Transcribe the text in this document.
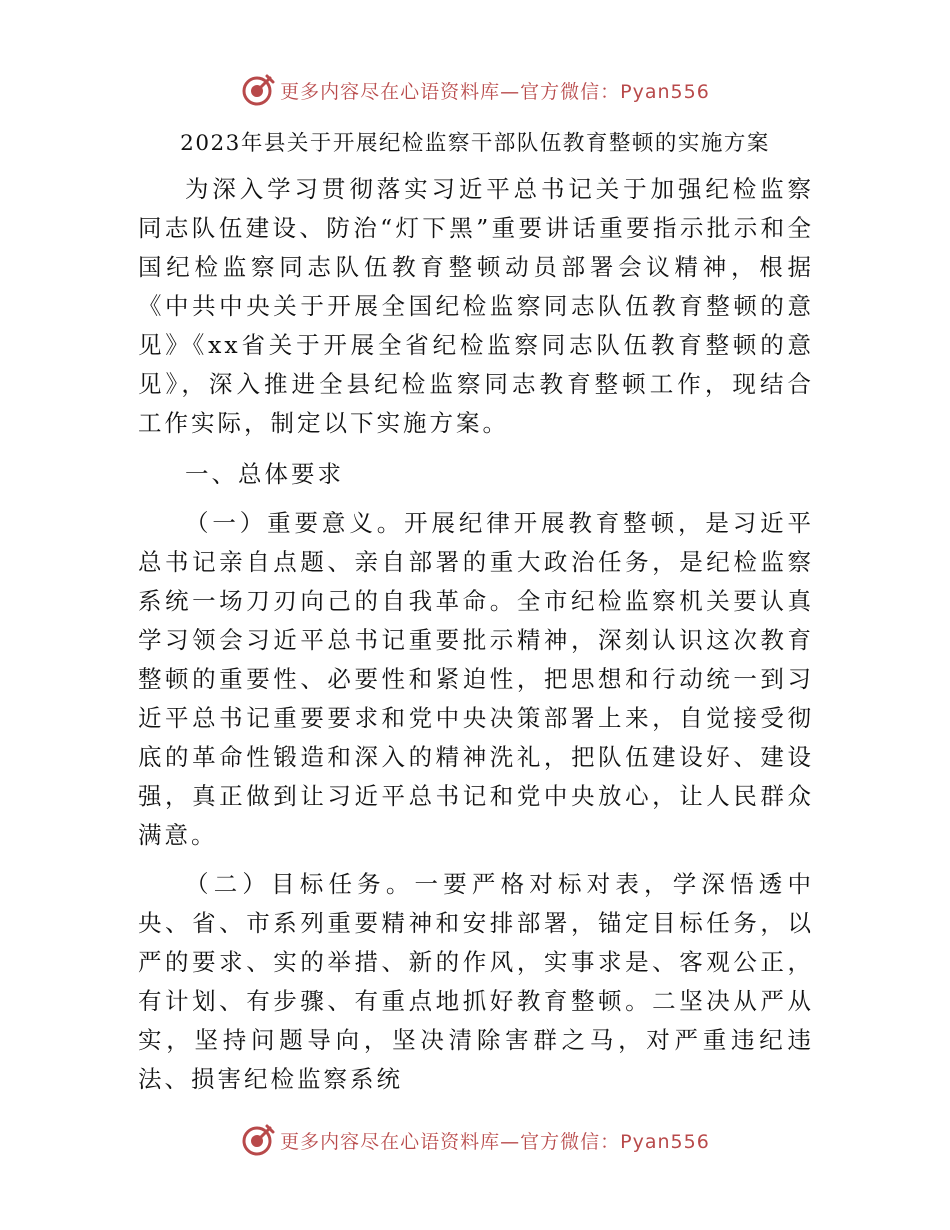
更多内容尽在心语资料库—官方微信：Pyan556
2023年县关于开展纪检监察干部队伍教育整顿的实施方案

为深入学习贯彻落实习近平总书记关于加强纪检监察同志队伍建设、防治“灯下黑”重要讲话重要指示批示和全国纪检监察同志队伍教育整顿动员部署会议精神，根据《中共中央关于开展全国纪检监察同志队伍教育整顿的意见》《xx省关于开展全省纪检监察同志队伍教育整顿的意见》，深入推进全县纪检监察同志教育整顿工作，现结合工作实际，制定以下实施方案。

一、总体要求

（一）重要意义。开展纪律开展教育整顿，是习近平总书记亲自点题、亲自部署的重大政治任务，是纪检监察系统一场刀刃向己的自我革命。全市纪检监察机关要认真学习领会习近平总书记重要批示精神，深刻认识这次教育整顿的重要性、必要性和紧迫性，把思想和行动统一到习近平总书记重要要求和党中央决策部署上来，自觉接受彻底的革命性锻造和深入的精神洗礼，把队伍建设好、建设强，真正做到让习近平总书记和党中央放心，让人民群众满意。

（二）目标任务。一要严格对标对表，学深悟透中央、省、市系列重要精神和安排部署，锚定目标任务，以严的要求、实的举措、新的作风，实事求是、客观公正，有计划、有步骤、有重点地抓好教育整顿。二坚决从严从实，坚持问题导向，坚决清除害群之马，对严重违纪违法、损害纪检监察系统

更多内容尽在心语资料库—官方微信：Pyan556
